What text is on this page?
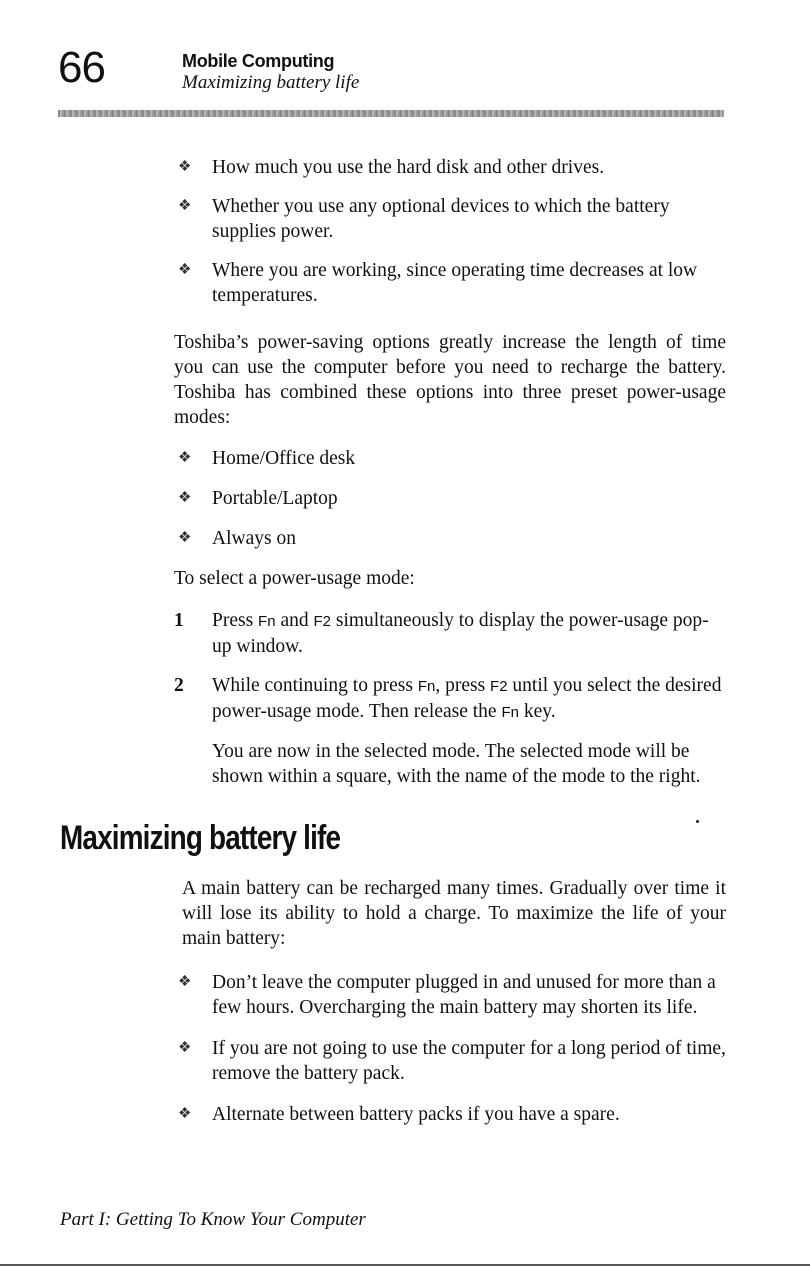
66	Mobile Computing
Maximizing battery life

❖ How much you use the hard disk and other drives.

❖ Whether you use any optional devices to which the battery supplies power.

❖ Where you are working, since operating time decreases at low temperatures.

Toshiba’s power-saving options greatly increase the length of time you can use the computer before you need to recharge the battery. Toshiba has combined these options into three preset power-usage modes:

❖ Home/Office desk

❖ Portable/Laptop

❖ Always on

To select a power-usage mode:

1 Press Fn and F2 simultaneously to display the power-usage pop-up window.

2 While continuing to press Fn, press F2 until you select the desired power-usage mode. Then release the Fn key.

You are now in the selected mode. The selected mode will be shown within a square, with the name of the mode to the right.

Maximizing battery life

A main battery can be recharged many times. Gradually over time it will lose its ability to hold a charge. To maximize the life of your main battery:

❖ Don’t leave the computer plugged in and unused for more than a few hours. Overcharging the main battery may shorten its life.

❖ If you are not going to use the computer for a long period of time, remove the battery pack.

❖ Alternate between battery packs if you have a spare.

Part I: Getting To Know Your Computer
